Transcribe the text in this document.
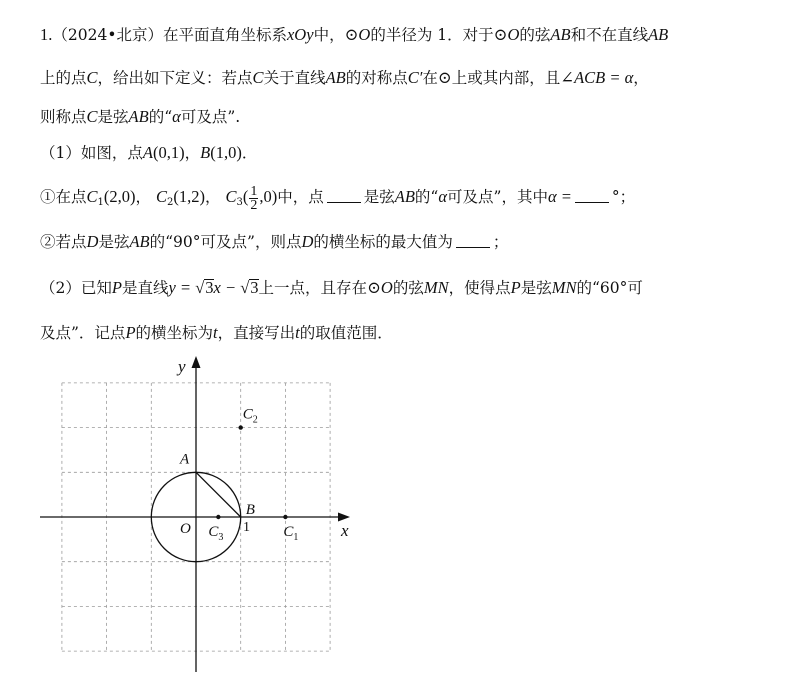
1.（2024•北京）在平面直角坐标系xOy中，⊙O的半径为 1．对于⊙O的弦AB和不在直线AB
上的点C，给出如下定义：若点C关于直线AB的对称点C′在⊙上或其内部，且∠ACB = α，
则称点C是弦AB的“α可及点”.
（1）如图，点A(0,1)，B(1,0)．
①在点$C_1(2,0)$， $C_2(1,2)$， $C_3( \frac{1}{2} ,0)$中，点	是弦AB的“α可及点”，其中α =	°；
②若点D是弦AB的“90°可及点”，则点D的横坐标的最大值为	；
（2）已知P是直线y = √3x − √3上一点，且存在⊙O的弦MN，使得点P是弦MN的“60°可
及点”．记点P的横坐标为t，直接写出t的取值范围．
A
B
$C_1$
$C_2$
$C_3$	x
y
O	1
